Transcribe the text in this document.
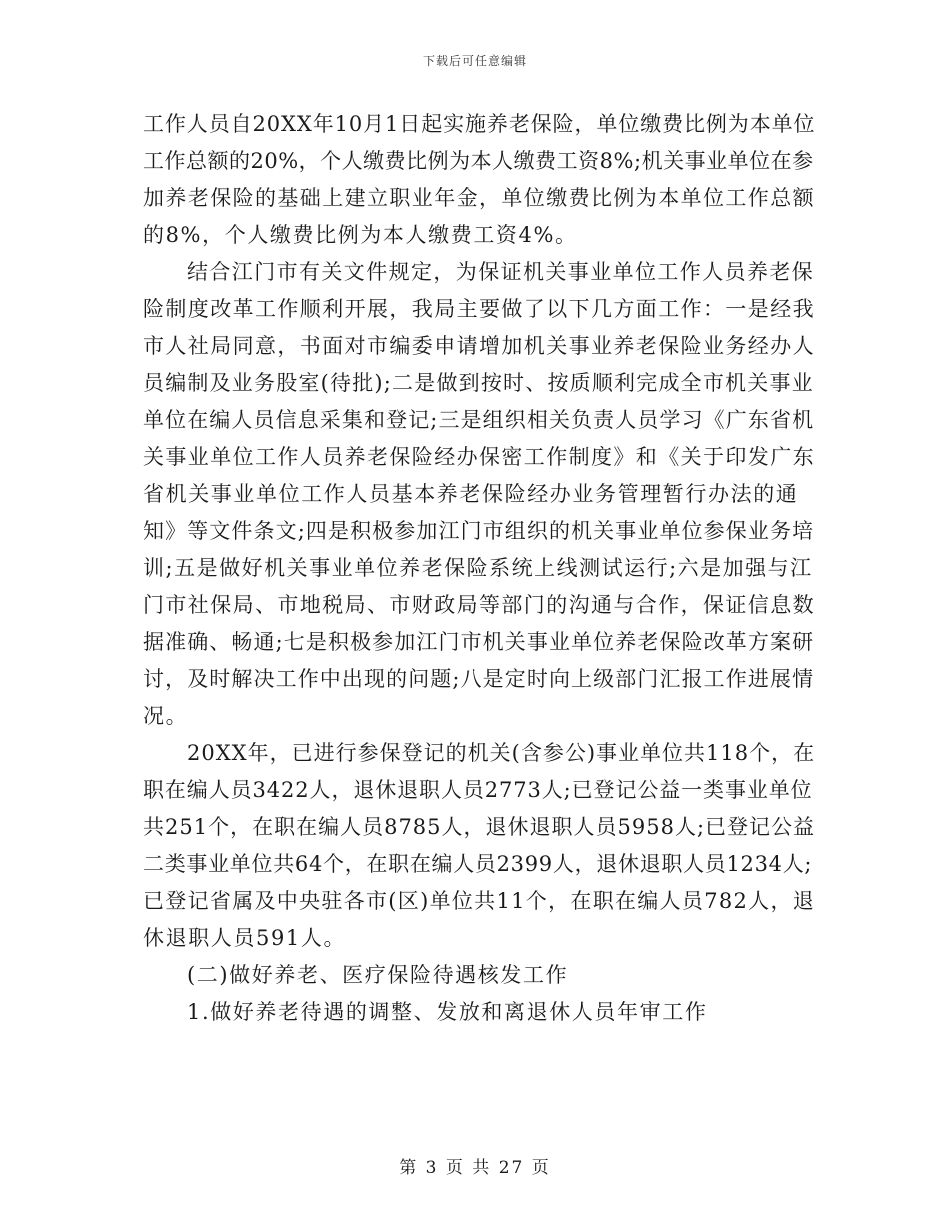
下载后可任意编辑
工作人员自20XX年10月1日起实施养老保险，单位缴费比例为本单位
工作总额的20%，个人缴费比例为本人缴费工资8%;机关事业单位在参
加养老保险的基础上建立职业年金，单位缴费比例为本单位工作总额
的8%，个人缴费比例为本人缴费工资4%。
结合江门市有关文件规定，为保证机关事业单位工作人员养老保
险制度改革工作顺利开展，我局主要做了以下几方面工作：一是经我
市人社局同意，书面对市编委申请增加机关事业养老保险业务经办人
员编制及业务股室(待批);二是做到按时、按质顺利完成全市机关事业
单位在编人员信息采集和登记;三是组织相关负责人员学习《广东省机
关事业单位工作人员养老保险经办保密工作制度》和《关于印发广东
省机关事业单位工作人员基本养老保险经办业务管理暂行办法的通
知》等文件条文;四是积极参加江门市组织的机关事业单位参保业务培
训;五是做好机关事业单位养老保险系统上线测试运行;六是加强与江
门市社保局、市地税局、市财政局等部门的沟通与合作，保证信息数
据准确、畅通;七是积极参加江门市机关事业单位养老保险改革方案研
讨，及时解决工作中出现的问题;八是定时向上级部门汇报工作进展情
况。
20XX年，已进行参保登记的机关(含参公)事业单位共118个，在
职在编人员3422人，退休退职人员2773人;已登记公益一类事业单位
共251个，在职在编人员8785人，退休退职人员5958人;已登记公益
二类事业单位共64个，在职在编人员2399人，退休退职人员1234人;
已登记省属及中央驻各市(区)单位共11个，在职在编人员782人，退
休退职人员591人。
(二)做好养老、医疗保险待遇核发工作
1.做好养老待遇的调整、发放和离退休人员年审工作
第 3 页 共 27 页
